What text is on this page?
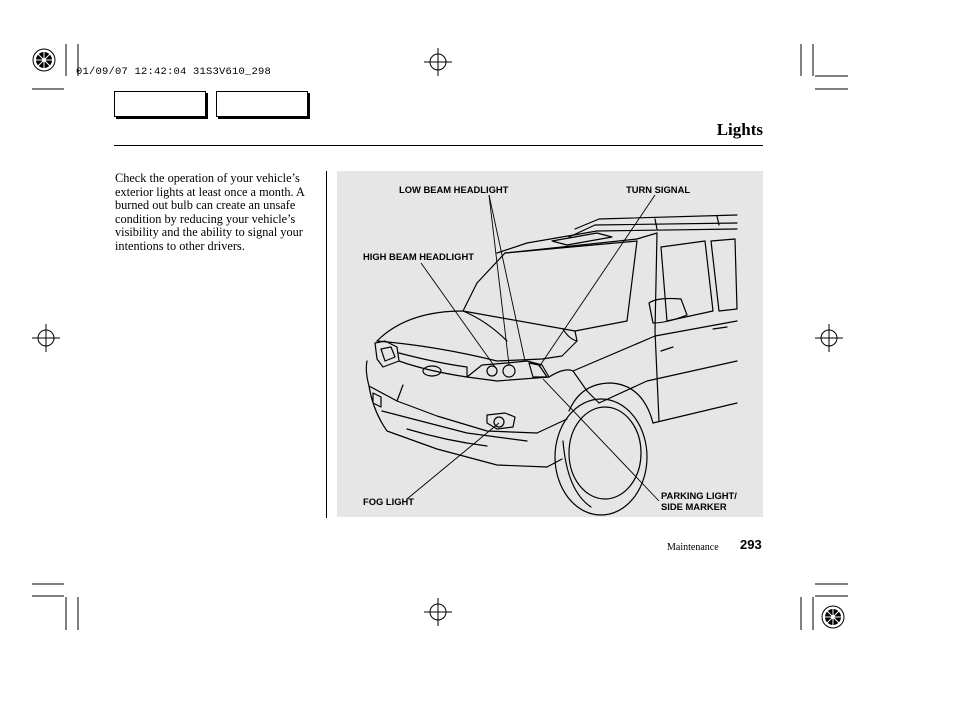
01/09/07 12:42:04 31S3V610_298
Lights
Check the operation of your vehicle’s exterior lights at least once a month. A burned out bulb can create an unsafe condition by reducing your vehicle’s visibility and the ability to signal your intentions to other drivers.
LOW BEAM HEADLIGHT	TURN SIGNAL
HIGH BEAM HEADLIGHT
FOG LIGHT
PARKING LIGHT/
SIDE MARKER
Maintenance 293
